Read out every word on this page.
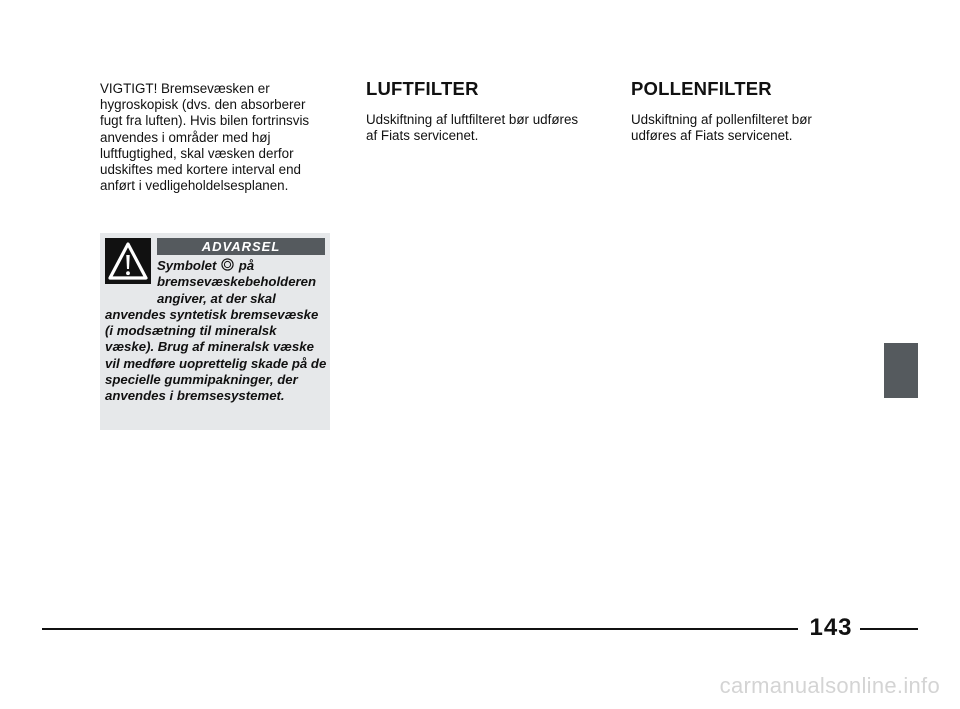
VIGTIGT! Bremsevæsken er
hygroskopisk (dvs. den absorberer
fugt fra luften). Hvis bilen fortrinsvis
anvendes i områder med høj
luftfugtighed, skal væsken derfor
udskiftes med kortere interval end
anført i vedligeholdelsesplanen.

ADVARSEL
Symbolet på bremsevæskebeholderen angiver, at der skal anvendes syntetisk bremsevæske (i modsætning til mineralsk væske). Brug af mineralsk væske vil medføre uoprettelig skade på de specielle gummipakninger, der anvendes i bremsesystemet.
LUFTFILTER

Udskiftning af luftfilteret bør udføres
af Fiats servicenet.

POLLENFILTER

Udskiftning af pollenfilteret bør
udføres af Fiats servicenet.

143
carmanualsonline.info
